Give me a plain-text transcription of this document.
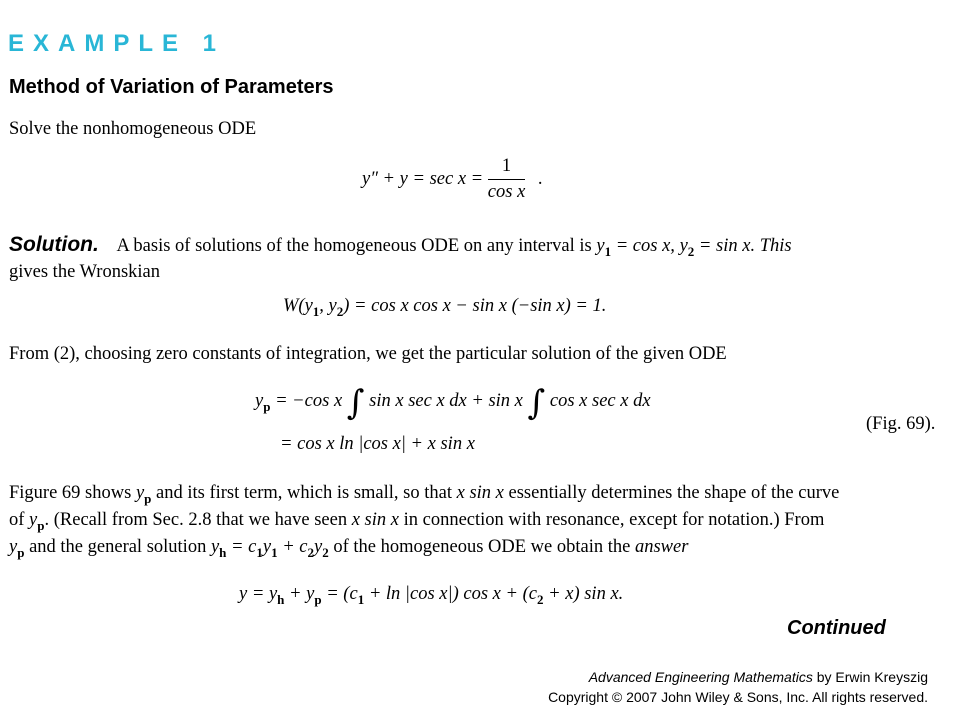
EXAMPLE 1
Method of Variation of Parameters
Solve the nonhomogeneous ODE
$y'' + y = \sec x = \frac{1}{\text{cos x}}$ .
Solution. A basis of solutions of the homogeneous ODE on any interval is $y_1 = \cos x$, $y_2 = \sin x$. This
gives the Wronskian
$W(y_1$, $y_2) = \cos x$ cos x − sin x (−sin x) = 1.
From (2), choosing zero constants of integration, we get the particular solution of the given ODE
$y_p = -\cos$ x ∫ sin x sec x dx + sin x ∫ cos x sec x dx
(Fig. 69).
= cos x ln |cos x| + x sin x
Figure 69 shows $y_p$ and its first term, which is small, so that x sin x essentially determines the shape of the curve
of $y_p$. (Recall from Sec. 2.8 that we have seen x sin x in connection with resonance, except for notation.) From
$y_p$ and the general solution $y_h = c_1y_1 + c_2y_2$ of the homogeneous ODE we obtain the answer
$y = y_h + y_p = (c_1 + \ln |\cos$ x|) $\cos x + (c_2 + x)$ sin x.
Continued
Advanced Engineering Mathematics by Erwin Kreyszig
Copyright © 2007 John Wiley & Sons, Inc. All rights reserved.
